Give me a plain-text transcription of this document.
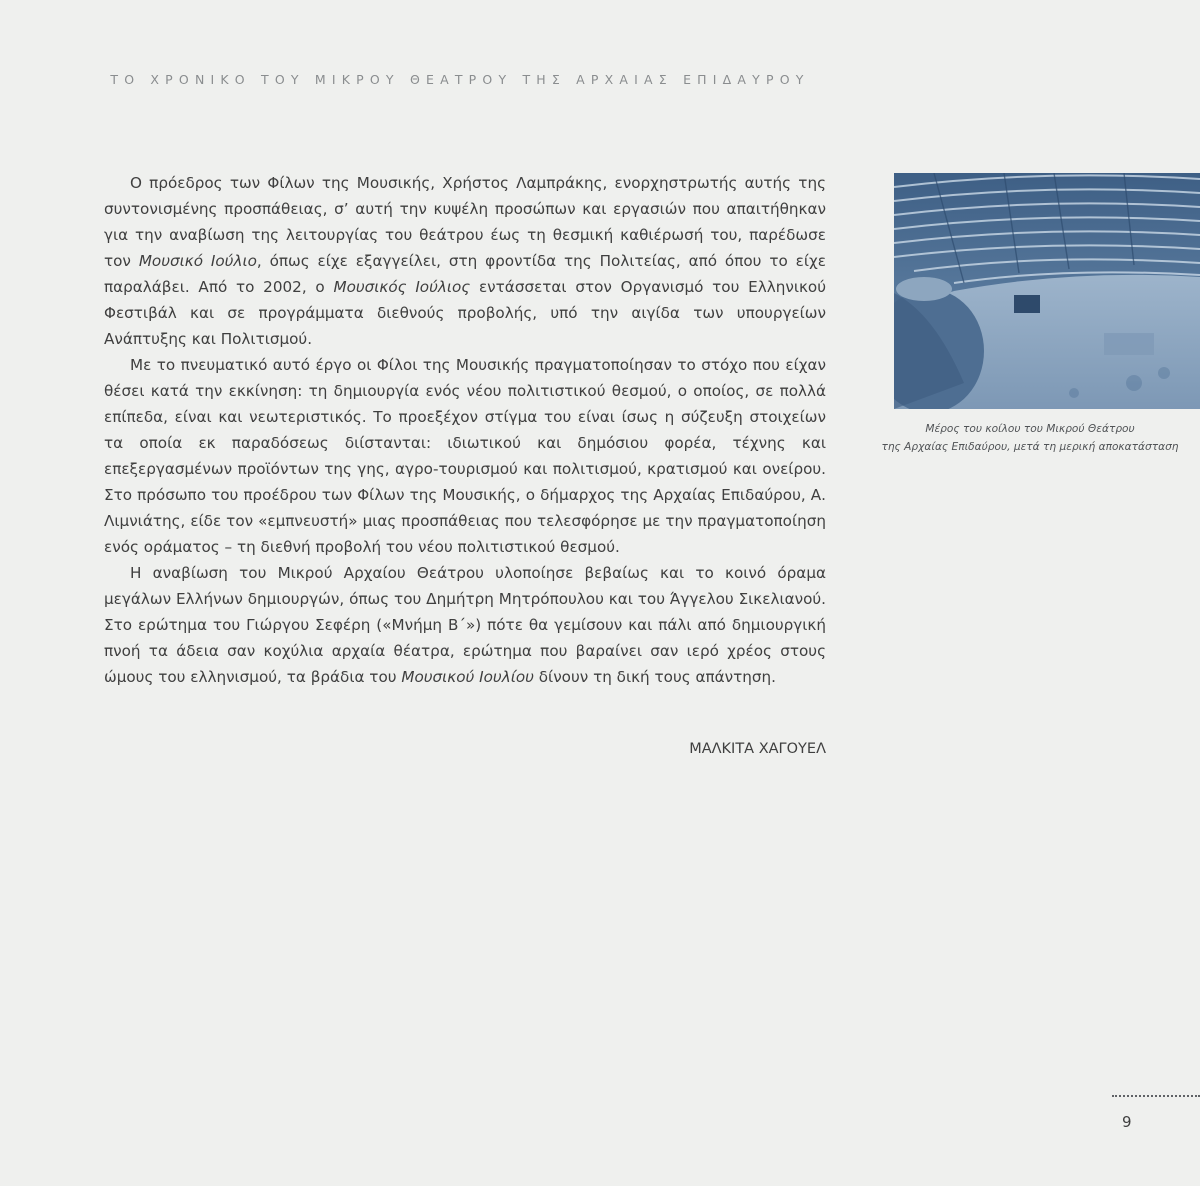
ΤΟ ΧΡΟΝΙΚΟ ΤΟΥ ΜΙΚΡΟΥ ΘΕΑΤΡΟΥ ΤΗΣ ΑΡΧΑΙΑΣ ΕΠΙΔΑΥΡΟΥ

Ο πρόεδρος των Φίλων της Μουσικής, Χρήστος Λαμπράκης, ενορχηστρωτής αυτής της συντονισμένης προσπάθειας, σ’ αυτή την κυψέλη προσώπων και εργασιών που απαιτήθηκαν για την αναβίωση της λειτουργίας του θεάτρου έως τη θεσμική καθιέρωσή του, παρέδωσε τον Μουσικό Ιούλιο, όπως είχε εξαγγείλει, στη φροντίδα της Πολιτείας, από όπου το είχε παραλάβει. Από το 2002, ο Μουσικός Ιούλιος εντάσσεται στον Οργανισμό του Ελληνικού Φεστιβάλ και σε προγράμματα διεθνούς προβολής, υπό την αιγίδα των υπουργείων Ανάπτυξης και Πολιτισμού.

Με το πνευματικό αυτό έργο οι Φίλοι της Μουσικής πραγματοποίησαν το στόχο που είχαν θέσει κατά την εκκίνηση: τη δημιουργία ενός νέου πολιτιστικού θεσμού, ο οποίος, σε πολλά επίπεδα, είναι και νεωτεριστικός. Το προεξέχον στίγμα του είναι ίσως η σύζευξη στοιχείων τα οποία εκ παραδόσεως διίστανται: ιδιωτικού και δημόσιου φορέα, τέχνης και επεξεργασμένων προϊόντων της γης, αγρο-τουρισμού και πολιτισμού, κρατισμού και ονείρου. Στο πρόσωπο του προέδρου των Φίλων της Μουσικής, ο δήμαρχος της Αρχαίας Επιδαύρου, Α. Λιμνιάτης, είδε τον «εμπνευστή» μιας προσπάθειας που τελεσφόρησε με την πραγματοποίηση ενός οράματος – τη διεθνή προβολή του νέου πολιτιστικού θεσμού.

Η αναβίωση του Μικρού Αρχαίου Θεάτρου υλοποίησε βεβαίως και το κοινό όραμα μεγάλων Ελλήνων δημιουργών, όπως του Δημήτρη Μητρόπουλου και του Άγγελου Σικελιανού. Στο ερώτημα του Γιώργου Σεφέρη («Μνήμη Β΄») πότε θα γεμίσουν και πάλι από δημιουργική πνοή τα άδεια σαν κοχύλια αρχαία θέατρα, ερώτημα που βαραίνει σαν ιερό χρέος στους ώμους του ελληνισμού, τα βράδια του Μουσικού Ιουλίου δίνουν τη δική τους απάντηση.

ΜΑΛΚΙΤΑ ΧΑΓΟΥΕΛ
Μέρος του κοίλου του Μικρού Θεάτρου
της Αρχαίας Επιδαύρου, μετά τη μερική αποκατάσταση
9
